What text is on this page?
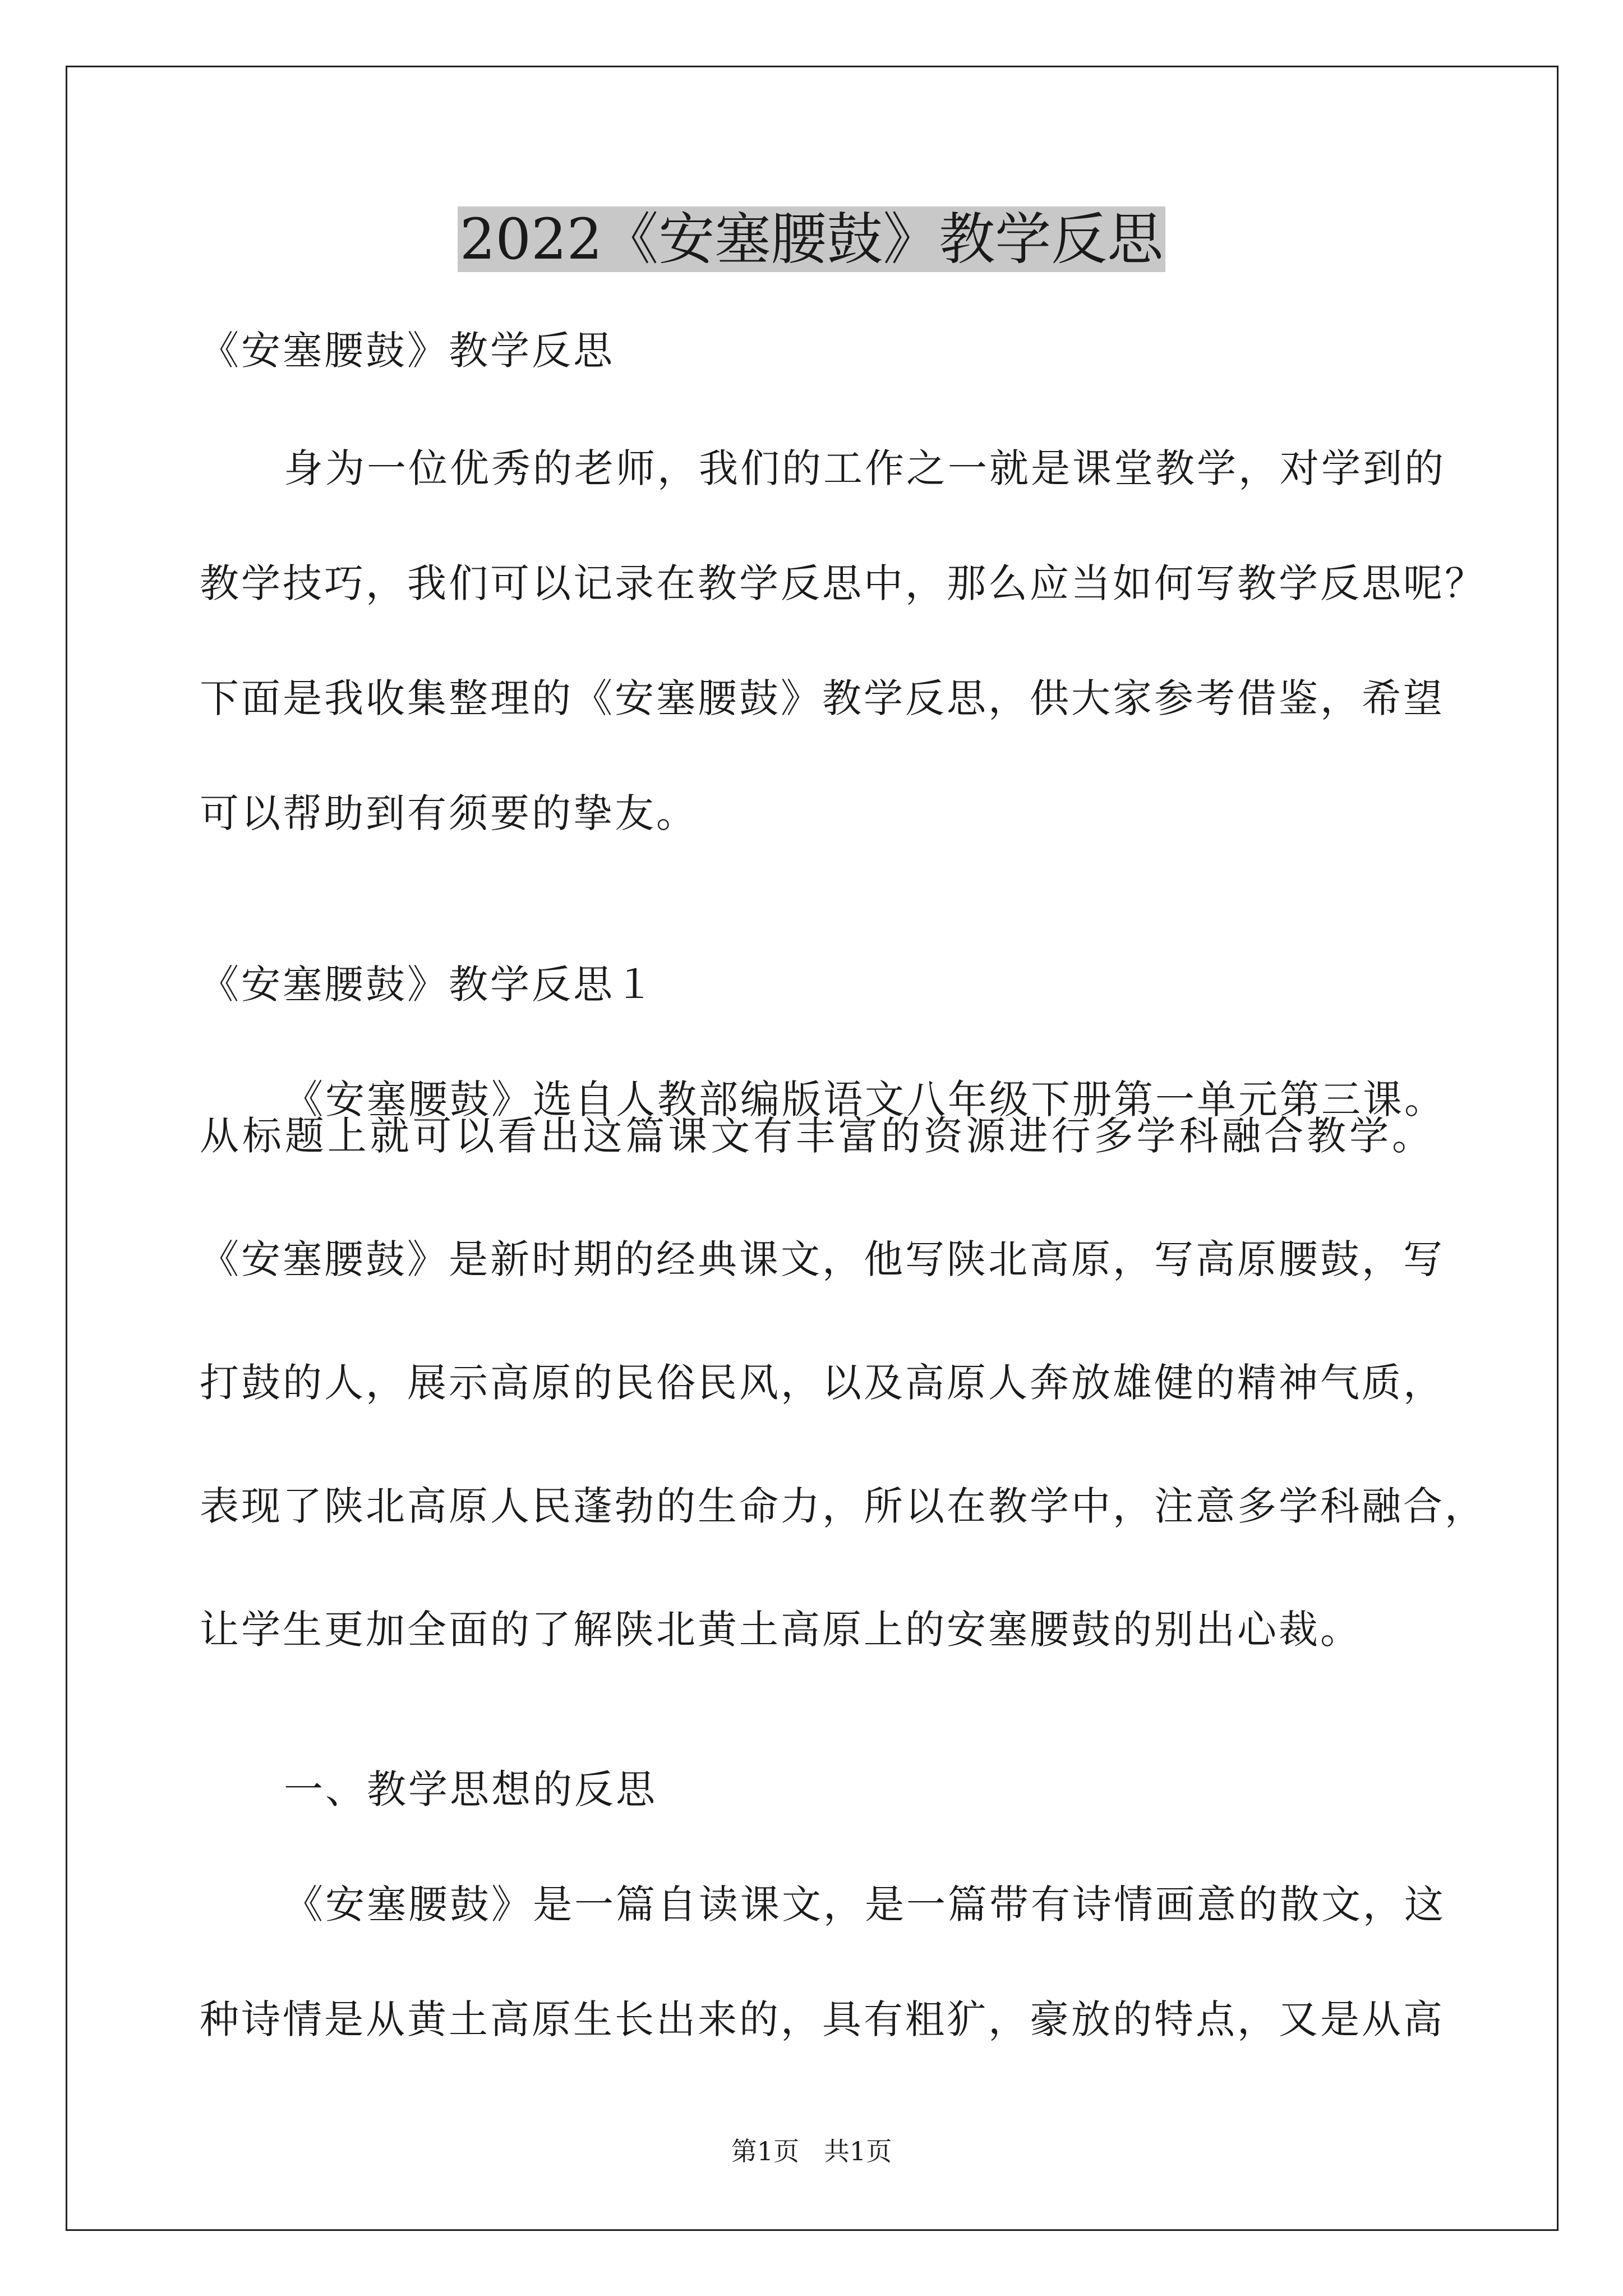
2022《安塞腰鼓》教学反思
《安塞腰鼓》教学反思
身为一位优秀的老师，我们的工作之一就是课堂教学，对学到的
教学技巧，我们可以记录在教学反思中，那么应当如何写教学反思呢？
下面是我收集整理的《安塞腰鼓》教学反思，供大家参考借鉴，希望
可以帮助到有须要的挚友。
《安塞腰鼓》教学反思１
《安塞腰鼓》选自人教部编版语文八年级下册第一单元第三课。
从标题上就可以看出这篇课文有丰富的资源进行多学科融合教学。
《安塞腰鼓》是新时期的经典课文，他写陕北高原，写高原腰鼓，写
打鼓的人，展示高原的民俗民风，以及高原人奔放雄健的精神气质，
表现了陕北高原人民蓬勃的生命力，所以在教学中，注意多学科融合，
让学生更加全面的了解陕北黄土高原上的安塞腰鼓的别出心裁。
一、教学思想的反思
第1页   共1页
《安塞腰鼓》是一篇自读课文，是一篇带有诗情画意的散文，这
种诗情是从黄土高原生长出来的，具有粗犷，豪放的特点，又是从高
